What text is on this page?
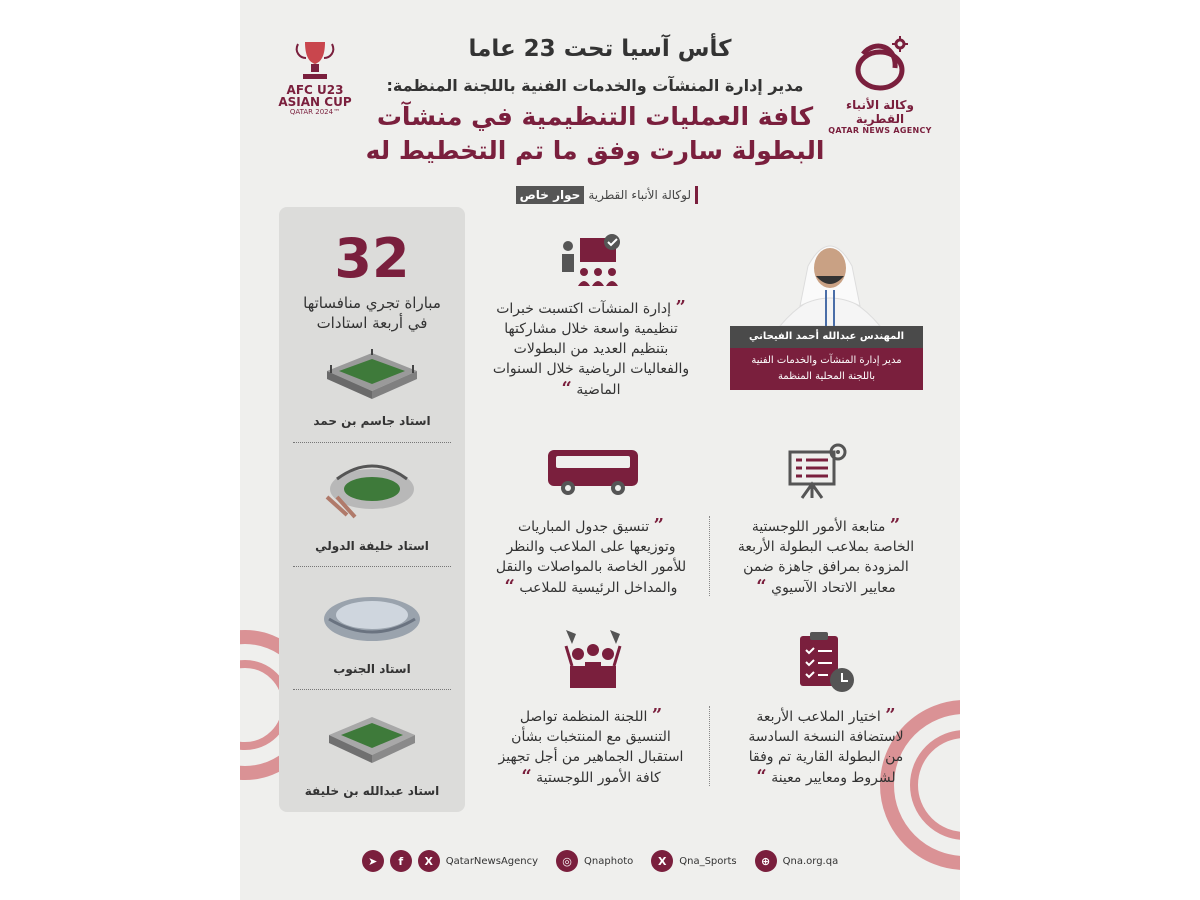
وكالة الأنباء القطرية
QATAR NEWS AGENCY
AFC U23
ASIAN CUP
QATAR 2024™
كأس آسيا تحت 23 عاما
مدير إدارة المنشآت والخدمات الفنية باللجنة المنظمة:
كافة العمليات التنظيمية في منشآت
البطولة سارت وفق ما تم التخطيط له
حوار خاص لوكالة الأنباء القطرية
32
مباراة تجري منافساتها
في أربعة استادات
استاد جاسم بن حمد
استاد خليفة الدولي
استاد الجنوب
استاد عبدالله بن خليفة
المهندس عبدالله أحمد الفيحاني
مدير إدارة المنشآت والخدمات الفنية
باللجنة المحلية المنظمة
” إدارة المنشآت اكتسبت خبرات
تنظيمية واسعة خلال مشاركتها
بتنظيم العديد من البطولات
والفعاليات الرياضية خلال السنوات
الماضية “
” تنسيق جدول المباريات
وتوزيعها على الملاعب والنظر
للأمور الخاصة بالمواصلات والنقل
والمداخل الرئيسية للملاعب “
” متابعة الأمور اللوجستية
الخاصة بملاعب البطولة الأربعة
المزودة بمرافق جاهزة ضمن
معايير الاتحاد الآسيوي “
” اللجنة المنظمة تواصل
التنسيق مع المنتخبات بشأن
استقبال الجماهير من أجل تجهيز
كافة الأمور اللوجستية “
” اختيار الملاعب الأربعة
لاستضافة النسخة السادسة
من البطولة القارية تم وفقا
لشروط ومعايير معينة “
➤	f	X	QatarNewsAgency	◎	Qnaphoto	X	Qna_Sports	⊕	Qna.org.qa
